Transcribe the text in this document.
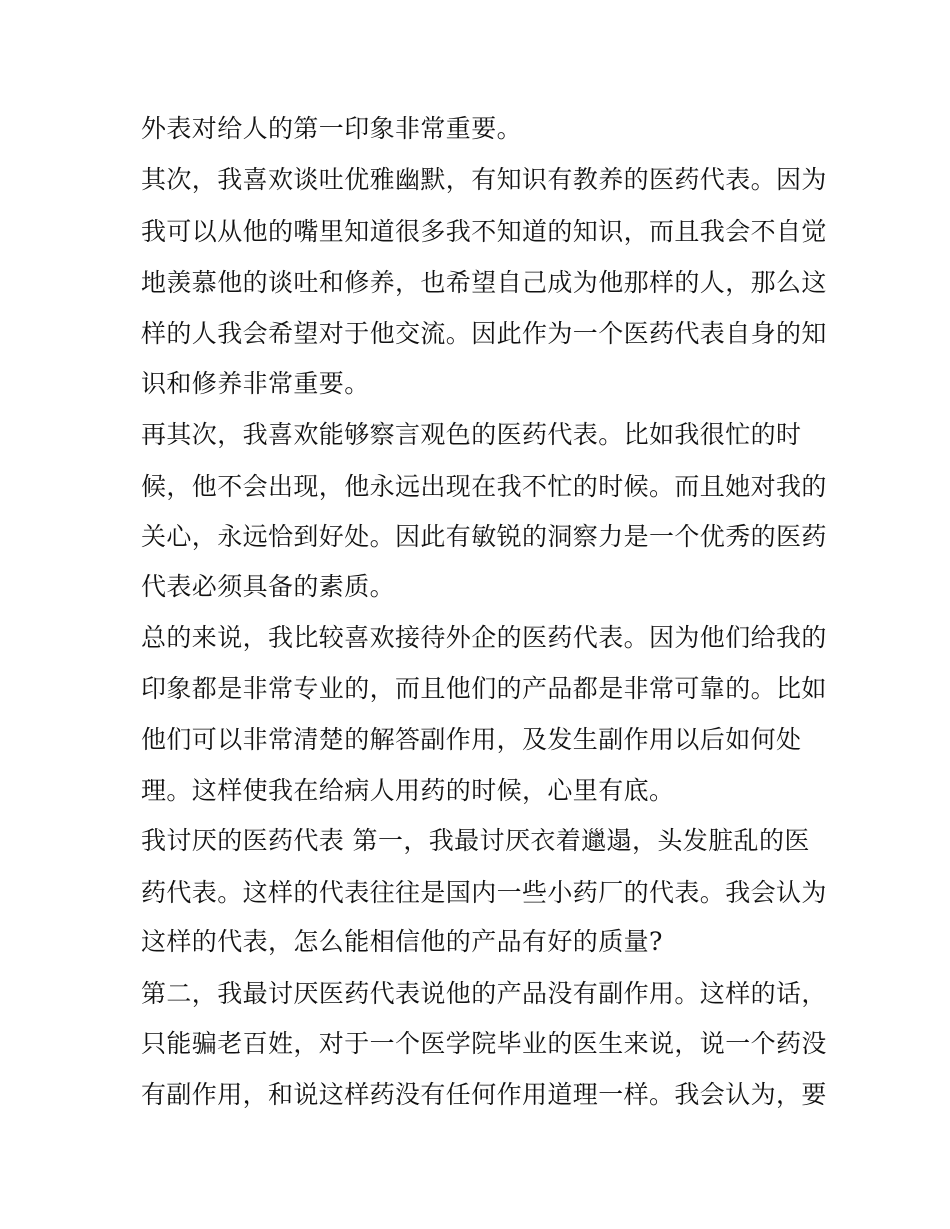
外表对给人的第一印象非常重要。
其次，我喜欢谈吐优雅幽默，有知识有教养的医药代表。因为
我可以从他的嘴里知道很多我不知道的知识，而且我会不自觉
地羡慕他的谈吐和修养，也希望自己成为他那样的人，那么这
样的人我会希望对于他交流。因此作为一个医药代表自身的知
识和修养非常重要。
再其次，我喜欢能够察言观色的医药代表。比如我很忙的时
候，他不会出现，他永远出现在我不忙的时候。而且她对我的
关心，永远恰到好处。因此有敏锐的洞察力是一个优秀的医药
代表必须具备的素质。
总的来说，我比较喜欢接待外企的医药代表。因为他们给我的
印象都是非常专业的，而且他们的产品都是非常可靠的。比如
他们可以非常清楚的解答副作用，及发生副作用以后如何处
理。这样使我在给病人用药的时候，心里有底。
我讨厌的医药代表 第一，我最讨厌衣着邋遢，头发脏乱的医
药代表。这样的代表往往是国内一些小药厂的代表。我会认为
这样的代表，怎么能相信他的产品有好的质量?
第二，我最讨厌医药代表说他的产品没有副作用。这样的话，
只能骗老百姓，对于一个医学院毕业的医生来说，说一个药没
有副作用，和说这样药没有任何作用道理一样。我会认为，要
